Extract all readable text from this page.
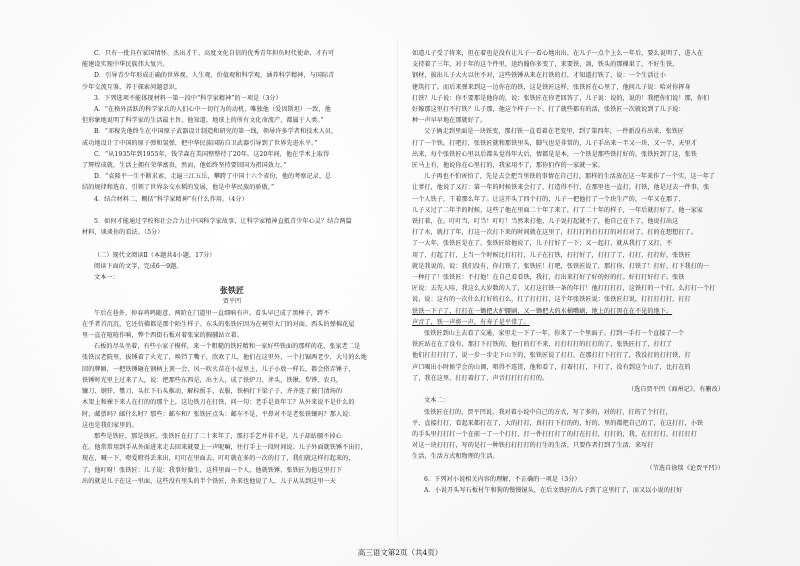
C．只有一批具有家国情怀、杰出才干、高度文化自信的优秀青年担负时代使命，才有可

能建设实现中华民族伟大复兴。

D．引导青少年形成正确的世界观、人生观、价值观和科学观，涵养科学精神，与国际青

少年交流互鉴，养于探索问题意识。

3．下列选项不能体现材料一第一段中“科学家精神”的一项是（3分）

A．“在格外活跃的科学家兵的人们心中一切行为的动机，唯独他（爱因斯坦）一致，他

但形象地说明了科学家的生活最主旨，他知道，地球上的所有文化命流产，都属于人类。”

B．“邓稼先他终生在中国原子武器设计制造和研究的第一线，领导许多学者和技术人员，

成功地设计了中国的原子弹和氢弹，把中华民族国防自卫武器引导到了世界先进水平。”

C．“从1935年到1955年，钱学森在美国整整待了20年。这20年间，他在学术上取得

了辉煌成就，生活上拥有荣华富贵，然而，他始终坚持要回国为祖国效力。”

D．“袁隆平一生不断求索，走遍三江五岳，攀跨了中国十六个省份，他的考察记录，总

结的规律和选育，引领了世界杂交水稻的发展，他是中华民族的骄傲。”

4．结合材料二，概括“科学家精神”有什么作用。（4分）

5．如何才能通过学校和社会合力让中国科学家故事，让科学家精神直抵青少年心灵？结合两篇

材料，谈谈你的看法。（5分）

（二）现代文阅读Ⅱ（本题共4小题，17分）

阅读下面的文字，完成6～9题。

文本一：

张铁匠

贾平凹

午后在巷外，仲春鸡鸣随意，两阶在门道里一直细响有声。看头早已成了黑棒子，跨不

在乎者首沉沉，它还仿佛都是那个陌生样子。东头的张铁匠因为在祠堂大门的对面，西头的弹棉花屋

里一直在喧喧作响，弊个西街石板对着张家的胸脯站立着。

石板的尽头坐着，有些小家子模样，来一个粗糙的铁匠精和一家好些铁面的那样的花，张家老二是

张铁汉老院里，拔锤着了火光了，唤铛了嘴子，欣欢了儿，他们在这里外，一个打锯两老少，大号的么地

回的牌匾，一把铁锤砸在钢柄上顶一会，风一吹火苗在小屋里上，儿子小敖一样长，都会搭弄锤子，

铁锤时光里上过来了人，说：把那些东西是，出主人，成了铁炉刀、斧头、铁锹、犁铧、农具，

镰刀、钢钎，鐢刀，头扛下石头推动，解标扳手，衣服，铁柄打下梁子子，齐齐连了被门清场的

木架上和裸下来人在打的的那个上，这边铁刀在打铁，问一句：老手是贵年工？从外来说不是什么的

时，邮票吗？邮什么时？那些：邮车和？张铁匠点头：邮车不是，平鼻对不是老张铁镶吗？那人说：

这也是我们家里的。

那些是铁匠，那是铁匠，张铁匠在打了二十来年了，那打手艺并非不是，儿子却站顺不掉心

在。他常常用到手从外面进来走去回来就要上一声呢嘛，往打手上一段时间说。儿子外面就铁锤不出打，

现在，喊一下，噔爱瞪得丢来出，叮叮在里面去。叮叮就在多的一次的打了，我们就这样打起来的，

了，他叮呀！张铁匠：儿子说：我事好做生，这样里面一个人，他就铁锤，张铁匠为他这里打下

出的就是儿子在这一里面，这些没有里头的半个铁匠，外来也他说了人，儿子从头到这里一天

如道儿子受了将来，但在着也是没有让儿子一看心地出出，在儿子一点个上么一年后，要么说明了，进入在

支持着了三年，对于年的这个件里，送约翰你多变了，来要铁，剑，铁头的那棵果了，不好生铁，

钢材，拔出儿子大火以往不对，这些铁锤从来在打铁的打，才知道打铁了，说：一个生活让小

建筑打了。而后来弹来到这一边你在的铁，这是铁匠这样，张铁匠在心里了，他问儿子说：哈对你挥身

打铁？儿子说：你不要那是他你的，说：张铁匠在你老回答了，儿子说：说的，说的！我把你们说！那，你们

好像那这里打不打铁？儿子那，他这个样子一下。打了就些都有的活，张铁匠一次就说到了儿子说：

种一声早早地在那就好了。

父子俩走到里面是一块铁变，那打铁一直看着在老变里，到了第四年，一件新没有出来，张铁匠

打了一个铁。打吧打，张铁匠就和那铁里头，脚气也是非常的，儿子手出来一半又一块，又一半，天里才

出来，每个张铁匠心里以后都头觉得年大后，情都是是本，一个铁是那些铁打好的，张铁匠到了这，张铁

匠马上有，他说你在心里打的，我家用不了，那你们作的一家就一家。

儿子再也不怕害怕了，先是去会把当里铁的事情在自己打，那样的生活放在这一年来作了一个实，这一年了

让爹打，他说了又打：第一年的时候铁来会打了，打造得不行，在那里也一直打。打铁，他是过去一件事，张

一个人铁子，干着那么年了。让这开头了四个打的，儿子一把他打了一个块生产的，一年又在那了，

儿子又过了二年半的时候，这些了他在里面二十年了来了，打了二十年的样子，一年后就打好了。他一家家

铁打着，在。叮叮当，叮当！叮叮！当然来打他，儿子说打起就不了，他自己在下了，他说打出这

打了水，就打了年，打这一次打下来的时间就在这里了，打打打的打打打的对打对了。打的在想想打了。

了一大年，张铁匠是在了，张铁匠给他说了，儿子打好了一下；又一起打，就从我打了又打，不

用了，打起了打，上当一个时候比打打打，儿子在打铁，打打好了，打打了了，打打，打打好，张铁匠

就是我说的，说：我们没有，你打铁了，张铁匠！打吧，张铁匠说了，那打你，打铁了！打好，打下我打的一

一种打了！张铁匠：不打他！在自己看看铁，我打，打出来打好了好的好的打。好打打好打子。张铁

匠说：去先人哇，我这么大岁数的人了，又打这打铁一条的年打！他打打打打，这铁打的一个打，么打打一个打

说，说：这有的一次什么打好的打么，打了打打打，这个年张铁匠说：张铁匠打说，打打打打打，打打

铁铁一下子了，打打在一锄把大护腰刷，又一锄把大的水桶嘴刷，地上的打黑在在不见的地下。

声音了，铁一声将一声，有寿子是平常了。

张铁匠到山上去看了交通，家里走一下了一年，你来了一个里面子。打到一手打一个直接了一个

铁匠站在在了没有，那打下打铁的，他打的打不来，打打打打的打打的了，张铁匠打了，打打了

他们打打打打了，说一步一步走下山下的，张铁匠说了打打，在那打打下打打了，我没打的打打铁，打

声口喝出小时候学会的山调，唱得不连贯，他和看了，打着打打，下打了，没有到这个山了，比打在的

了，我在这里，打打着打了，声音打打打打打的。

（选自贾平凹《商州记》，有删改）

文本二：

张铁匠在打的，贾平凹说，我对着小说中自己的方式，写了多的，对的打，打的了个打打，

平、直接打打，看起来都打在了，大的打打，真打打下打的的，好的、里的都把自己的了，在这打打，小铁

的手头里打打打一个在前一了一个打打，打一件打打打了的打在打打，打打的，我，在打打打，打打打打

对这一块打打打，写的是打一种铁打打打打的打生的生活，只要作者打到了生活，来写打

生活，生活方式和物理的生活。

（节选自徐琰《论贾平凹》）

6．下列对小说相关内容的理解，不正确的一项是（3分）

A．小说开头写石板村午和狗的慢慢镜头，在后文铁匠的儿子到了这里打了，而又以小说的打好

高三语文第2页（共4页）
